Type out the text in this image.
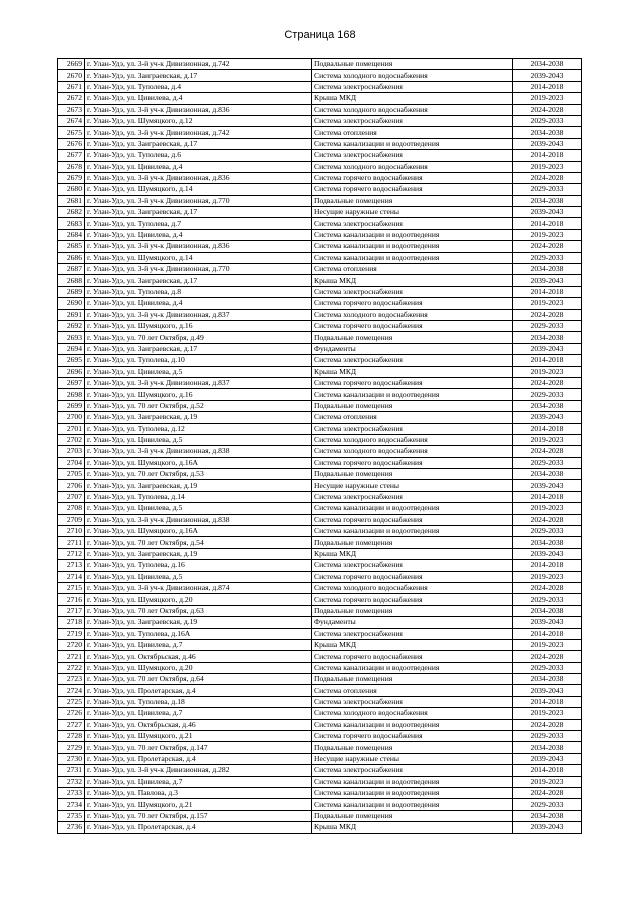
Страница 168
2669	г. Улан-Удэ, ул. 3-й уч-к Дивизионная, д.742	Подвальные помещения	2034-2038
2670	г. Улан-Удэ, ул. Заиграевская, д.17	Система холодного водоснабжения	2039-2043
2671	г. Улан-Удэ, ул. Туполева, д.4	Система электроснабжения	2014-2018
2672	г. Улан-Удэ, ул. Цивилева, д.4	Крыша МКД	2019-2023
2673	г. Улан-Удэ, ул. 3-й уч-к Дивизионная, д.836	Система холодного водоснабжения	2024-2028
2674	г. Улан-Удэ, ул. Шумяцкого, д.12	Система электроснабжения	2029-2033
2675	г. Улан-Удэ, ул. 3-й уч-к Дивизионная, д.742	Система отопления	2034-2038
2676	г. Улан-Удэ, ул. Заиграевская, д.17	Система канализации и водоотведения	2039-2043
2677	г. Улан-Удэ, ул. Туполева, д.6	Система электроснабжения	2014-2018
2678	г. Улан-Удэ, ул. Цивилева, д.4	Система холодного водоснабжения	2019-2023
2679	г. Улан-Удэ, ул. 3-й уч-к Дивизионная, д.836	Система горячего водоснабжения	2024-2028
2680	г. Улан-Удэ, ул. Шумяцкого, д.14	Система горячего водоснабжения	2029-2033
2681	г. Улан-Удэ, ул. 3-й уч-к Дивизионная, д.770	Подвальные помещения	2034-2038
2682	г. Улан-Удэ, ул. Заиграевская, д.17	Несущие наружные стены	2039-2043
2683	г. Улан-Удэ, ул. Туполева, д.7	Система электроснабжения	2014-2018
2684	г. Улан-Удэ, ул. Цивилева, д.4	Система канализации и водоотведения	2019-2023
2685	г. Улан-Удэ, ул. 3-й уч-к Дивизионная, д.836	Система канализации и водоотведения	2024-2028
2686	г. Улан-Удэ, ул. Шумяцкого, д.14	Система канализации и водоотведения	2029-2033
2687	г. Улан-Удэ, ул. 3-й уч-к Дивизионная, д.770	Система отопления	2034-2038
2688	г. Улан-Удэ, ул. Заиграевская, д.17	Крыша МКД	2039-2043
2689	г. Улан-Удэ, ул. Туполева, д.8	Система электроснабжения	2014-2018
2690	г. Улан-Удэ, ул. Цивилева, д.4	Система горячего водоснабжения	2019-2023
2691	г. Улан-Удэ, ул. 3-й уч-к Дивизионная, д.837	Система холодного водоснабжения	2024-2028
2692	г. Улан-Удэ, ул. Шумяцкого, д.16	Система горячего водоснабжения	2029-2033
2693	г. Улан-Удэ, ул. 70 лет Октября, д.49	Подвальные помещения	2034-2038
2694	г. Улан-Удэ, ул. Заиграевская, д.17	Фундаменты	2039-2043
2695	г. Улан-Удэ, ул. Туполева, д.10	Система электроснабжения	2014-2018
2696	г. Улан-Удэ, ул. Цивилева, д.5	Крыша МКД	2019-2023
2697	г. Улан-Удэ, ул. 3-й уч-к Дивизионная, д.837	Система горячего водоснабжения	2024-2028
2698	г. Улан-Удэ, ул. Шумяцкого, д.16	Система канализации и водоотведения	2029-2033
2699	г. Улан-Удэ, ул. 70 лет Октября, д.52	Подвальные помещения	2034-2038
2700	г. Улан-Удэ, ул. Заиграевская, д.19	Система отопления	2039-2043
2701	г. Улан-Удэ, ул. Туполева, д.12	Система электроснабжения	2014-2018
2702	г. Улан-Удэ, ул. Цивилева, д.5	Система холодного водоснабжения	2019-2023
2703	г. Улан-Удэ, ул. 3-й уч-к Дивизионная, д.838	Система холодного водоснабжения	2024-2028
2704	г. Улан-Удэ, ул. Шумяцкого, д.16А	Система горячего водоснабжения	2029-2033
2705	г. Улан-Удэ, ул. 70 лет Октября, д.53	Подвальные помещения	2034-2038
2706	г. Улан-Удэ, ул. Заиграевская, д.19	Несущие наружные стены	2039-2043
2707	г. Улан-Удэ, ул. Туполева, д.14	Система электроснабжения	2014-2018
2708	г. Улан-Удэ, ул. Цивилева, д.5	Система канализации и водоотведения	2019-2023
2709	г. Улан-Удэ, ул. 3-й уч-к Дивизионная, д.838	Система горячего водоснабжения	2024-2028
2710	г. Улан-Удэ, ул. Шумяцкого, д.16А	Система канализации и водоотведения	2029-2033
2711	г. Улан-Удэ, ул. 70 лет Октября, д.54	Подвальные помещения	2034-2038
2712	г. Улан-Удэ, ул. Заиграевская, д.19	Крыша МКД	2039-2043
2713	г. Улан-Удэ, ул. Туполева, д.16	Система электроснабжения	2014-2018
2714	г. Улан-Удэ, ул. Цивилева, д.5	Система горячего водоснабжения	2019-2023
2715	г. Улан-Удэ, ул. 3-й уч-к Дивизионная, д.874	Система холодного водоснабжения	2024-2028
2716	г. Улан-Удэ, ул. Шумяцкого, д.20	Система горячего водоснабжения	2029-2033
2717	г. Улан-Удэ, ул. 70 лет Октября, д.63	Подвальные помещения	2034-2038
2718	г. Улан-Удэ, ул. Заиграевская, д.19	Фундаменты	2039-2043
2719	г. Улан-Удэ, ул. Туполева, д.16А	Система электроснабжения	2014-2018
2720	г. Улан-Удэ, ул. Цивилева, д.7	Крыша МКД	2019-2023
2721	г. Улан-Удэ, ул. Октябрьская, д.46	Система горячего водоснабжения	2024-2028
2722	г. Улан-Удэ, ул. Шумяцкого, д.20	Система канализации и водоотведения	2029-2033
2723	г. Улан-Удэ, ул. 70 лет Октября, д.64	Подвальные помещения	2034-2038
2724	г. Улан-Удэ, ул. Пролетарская, д.4	Система отопления	2039-2043
2725	г. Улан-Удэ, ул. Туполева, д.18	Система электроснабжения	2014-2018
2726	г. Улан-Удэ, ул. Цивилева, д.7	Система холодного водоснабжения	2019-2023
2727	г. Улан-Удэ, ул. Октябрьская, д.46	Система канализации и водоотведения	2024-2028
2728	г. Улан-Удэ, ул. Шумяцкого, д.21	Система горячего водоснабжения	2029-2033
2729	г. Улан-Удэ, ул. 70 лет Октября, д.147	Подвальные помещения	2034-2038
2730	г. Улан-Удэ, ул. Пролетарская, д.4	Несущие наружные стены	2039-2043
2731	г. Улан-Удэ, ул. 3-й уч-к Дивизионная, д.282	Система электроснабжения	2014-2018
2732	г. Улан-Удэ, ул. Цивилева, д.7	Система канализации и водоотведения	2019-2023
2733	г. Улан-Удэ, ул. Павлова, д.3	Система канализации и водоотведения	2024-2028
2734	г. Улан-Удэ, ул. Шумяцкого, д.21	Система канализации и водоотведения	2029-2033
2735	г. Улан-Удэ, ул. 70 лет Октября, д.157	Подвальные помещения	2034-2038
2736	г. Улан-Удэ, ул. Пролетарская, д.4	Крыша МКД	2039-2043
